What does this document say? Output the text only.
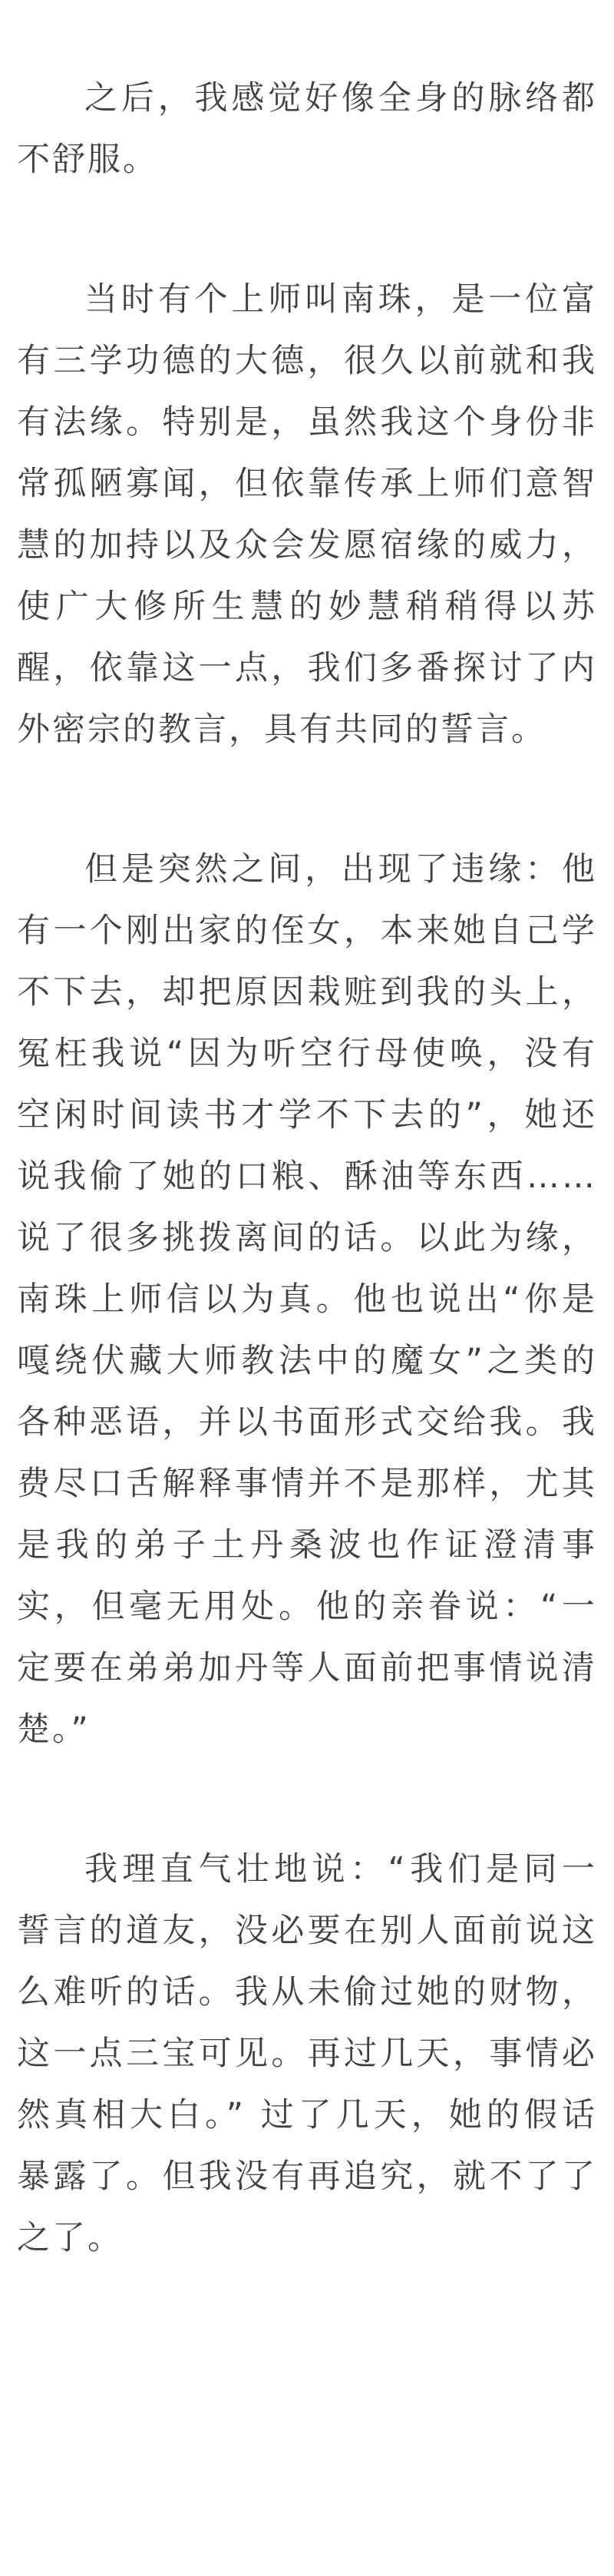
之后，我感觉好像全身的脉络都不舒服。

当时有个上师叫南珠，是一位富有三学功德的大德，很久以前就和我有法缘。特别是，虽然我这个身份非常孤陋寡闻，但依靠传承上师们意智慧的加持以及众会发愿宿缘的威力，使广大修所生慧的妙慧稍稍得以苏醒，依靠这一点，我们多番探讨了内外密宗的教言，具有共同的誓言。

但是突然之间，出现了违缘：他有一个刚出家的侄女，本来她自己学不下去，却把原因栽赃到我的头上，冤枉我说“因为听空行母使唤，没有空闲时间读书才学不下去的”，她还说我偷了她的口粮、酥油等东西……说了很多挑拨离间的话。以此为缘，南珠上师信以为真。他也说出“你是嘎绕伏藏大师教法中的魔女”之类的各种恶语，并以书面形式交给我。我费尽口舌解释事情并不是那样，尤其是我的弟子土丹桑波也作证澄清事实，但毫无用处。他的亲眷说：“一定要在弟弟加丹等人面前把事情说清楚。”

我理直气壮地说：“我们是同一誓言的道友，没必要在别人面前说这么难听的话。我从未偷过她的财物，这一点三宝可见。再过几天，事情必然真相大白。” 过了几天，她的假话暴露了。但我没有再追究，就不了了之了。
